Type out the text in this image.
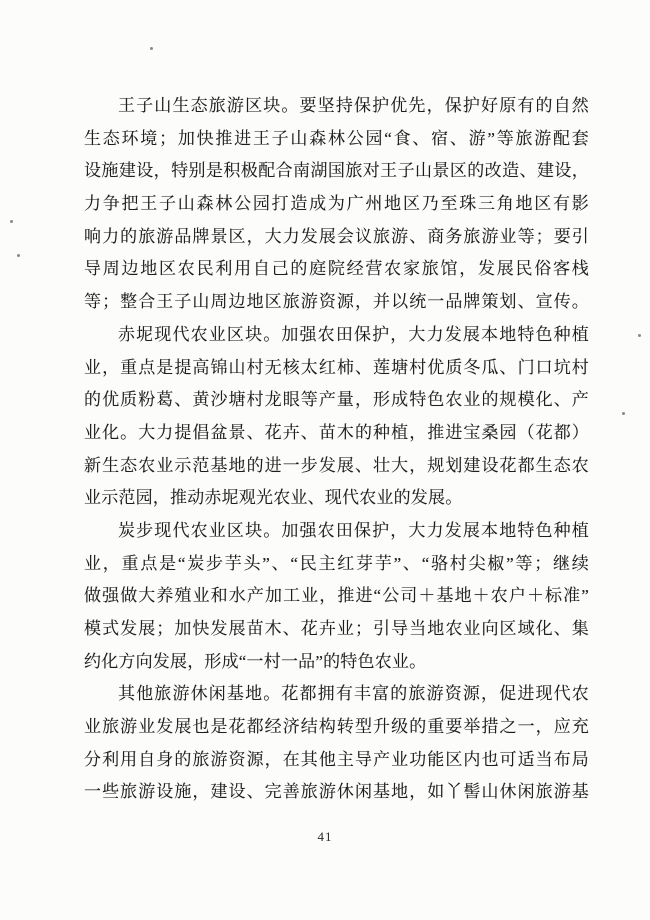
王子山生态旅游区块。要坚持保护优先，保护好原有的自然
生态环境；加快推进王子山森林公园“食、宿、游”等旅游配套
设施建设，特别是积极配合南湖国旅对王子山景区的改造、建设，
力争把王子山森林公园打造成为广州地区乃至珠三角地区有影
响力的旅游品牌景区，大力发展会议旅游、商务旅游业等；要引
导周边地区农民利用自己的庭院经营农家旅馆，发展民俗客栈
等；整合王子山周边地区旅游资源，并以统一品牌策划、宣传。
赤坭现代农业区块。加强农田保护，大力发展本地特色种植
业，重点是提高锦山村无核太红柿、莲塘村优质冬瓜、门口坑村
的优质粉葛、黄沙塘村龙眼等产量，形成特色农业的规模化、产
业化。大力提倡盆景、花卉、苗木的种植，推进宝桑园（花都）
新生态农业示范基地的进一步发展、壮大，规划建设花都生态农
业示范园，推动赤坭观光农业、现代农业的发展。
炭步现代农业区块。加强农田保护，大力发展本地特色种植
业，重点是“炭步芋头”、“民主红芽芋”、“骆村尖椒”等；继续
做强做大养殖业和水产加工业，推进“公司＋基地＋农户＋标准”
模式发展；加快发展苗木、花卉业；引导当地农业向区域化、集
约化方向发展，形成“一村一品”的特色农业。
其他旅游休闲基地。花都拥有丰富的旅游资源，促进现代农
业旅游业发展也是花都经济结构转型升级的重要举措之一，应充
分利用自身的旅游资源，在其他主导产业功能区内也可适当布局
一些旅游设施，建设、完善旅游休闲基地，如丫髻山休闲旅游基
41
